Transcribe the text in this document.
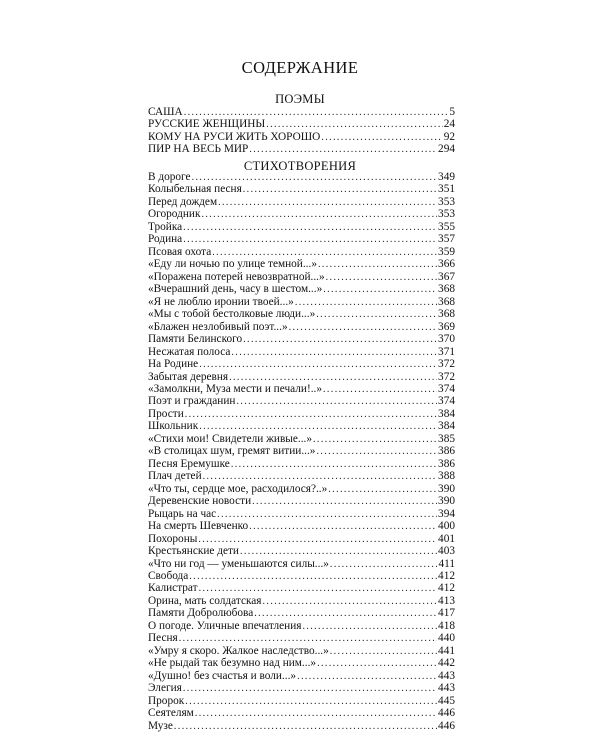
СОДЕРЖАНИЕ
ПОЭМЫ
САША .....	5
РУССКИЕ ЖЕНЩИНЫ .....	24
КОМУ НА РУСИ ЖИТЬ ХОРОШО .....	92
ПИР НА ВЕСЬ МИР .....	294
СТИХОТВОРЕНИЯ
В дороге .....	349
Колыбельная песня .....	351
Перед дождем .....	353
Огородник .....	353
Тройка .....	355
Родина .....	357
Псовая охота .....	359
«Еду ли ночью по улице темной...» .....	366
«Поражена потерей невозвратной...» .....	367
«Вчерашний день, часу в шестом...» .....	368
«Я не люблю иронии твоей...» .....	368
«Мы с тобой бестолковые люди...» .....	368
«Блажен незлобивый поэт...» .....	369
Памяти Белинского .....	370
Несжатая полоса .....	371
На Родине .....	372
Забытая деревня .....	372
«Замолкни, Муза мести и печали!..» .....	374
Поэт и гражданин .....	374
Прости .....	384
Школьник .....	384
«Стихи мои! Свидетели живые...» .....	385
«В столицах шум, гремят витии...» .....	386
Песня Еремушке .....	386
Плач детей .....	388
«Что ты, сердце мое, расходилося?..» .....	390
Деревенские новости .....	390
Рыцарь на час .....	394
На смерть Шевченко .....	400
Похороны .....	401
Крестьянские дети .....	403
«Что ни год — уменьшаются силы...» .....	411
Свобода .....	412
Калистрат .....	412
Орина, мать солдатская .....	413
Памяти Добролюбова .....	417
О погоде. Уличные впечатления .....	418
Песня .....	440
«Умру я скоро. Жалкое наследство...» .....	441
«Не рыдай так безумно над ним...» .....	442
«Душно! без счастья и воли...» .....	443
Элегия .....	443
Пророк .....	445
Сеятелям .....	446
Музе .....	446
